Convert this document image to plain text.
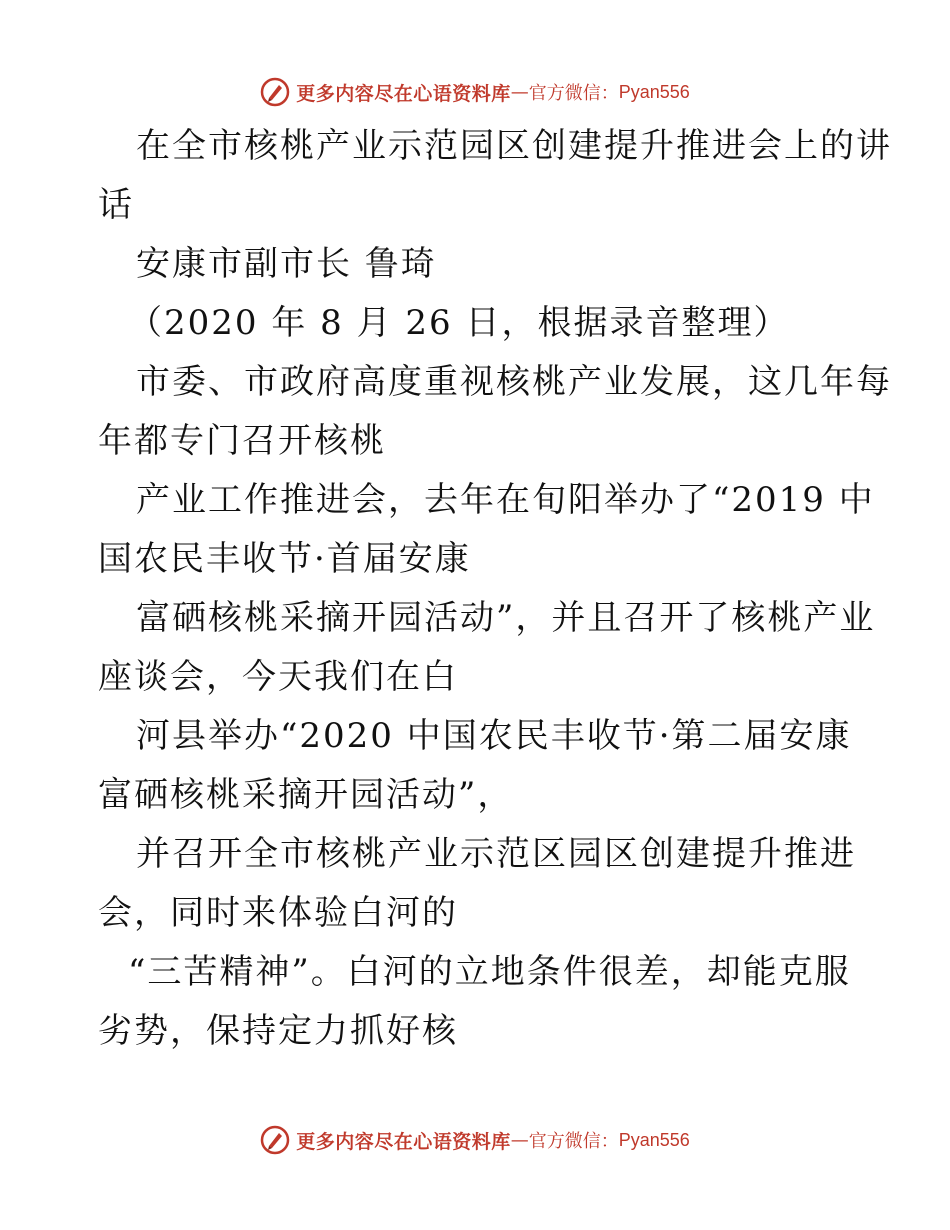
更多内容尽在心语资料库 — 官方微信： Pyan556

在全市核桃产业示范园区创建提升推进会上的讲

话

安康市副市长 鲁琦

（2020 年 8 月 26 日，根据录音整理）

市委、市政府高度重视核桃产业发展，这几年每

年都专门召开核桃

产业工作推进会，去年在旬阳举办了“2019 中

国农民丰收节·首届安康

富硒核桃采摘开园活动”，并且召开了核桃产业

座谈会，今天我们在白

河县举办“2020 中国农民丰收节·第二届安康

富硒核桃采摘开园活动”，

并召开全市核桃产业示范区园区创建提升推进

会，同时来体验白河的

“三苦精神”。白河的立地条件很差，却能克服

劣势，保持定力抓好核

更多内容尽在心语资料库 — 官方微信： Pyan556
